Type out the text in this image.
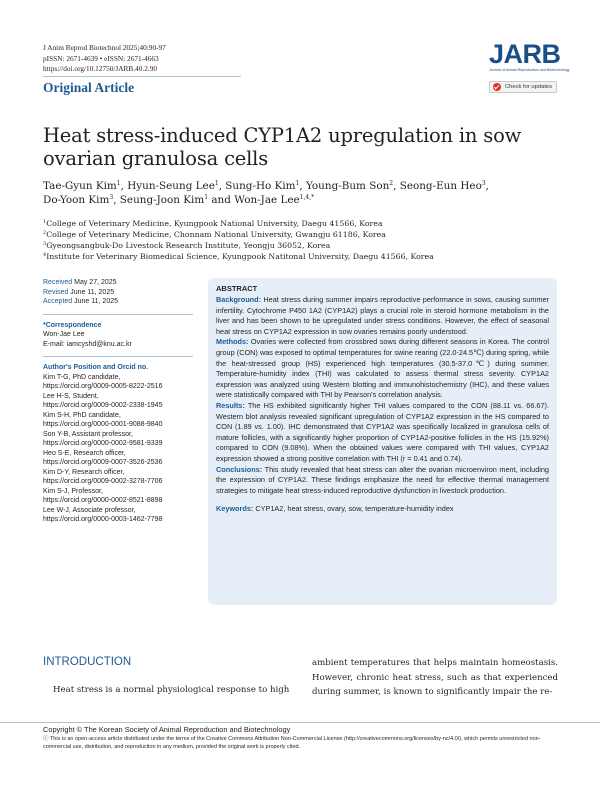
J Anim Reprod Biotechnol 2025;40:90-97
pISSN: 2671-4639 • eISSN: 2671-4663
https://doi.org/10.12750/JARB.40.2.90
Original Article
JARB
Journal of Animal Reproduction and Biotechnology
Check for updates
Heat stress-induced CYP1A2 upregulation in sow ovarian granulosa cells
Tae-Gyun Kim$^1$, Hyun-Seung Lee$^1$, Sung-Ho Kim$^1$, Young-Bum Son$^2$, Seong-Eun Heo$^3$,
Do-Yoon Kim$^3$, Seung-Joon Kim$^1$ and Won-Jae Lee$^{1,4,*}$
$^1$College of Veterinary Medicine, Kyungpook National University, Daegu 41566, Korea
$^2$College of Veterinary Medicine, Chonnam National University, Gwangju 61186, Korea
$^3$Gyeongsangbuk-Do Livestock Research Institute, Yeongju 36052, Korea
$^4$Institute for Veterinary Biomedical Science, Kyungpook Natitonal University, Daegu 41566, Korea
Received May 27, 2025
Revised June 11, 2025
Accepted June 11, 2025
*Correspondence
Won-Jae Lee
E-mail: iamcyshd@knu.ac.kr
Author's Position and Orcid no.
Kim T-G, PhD candidate,
https://orcid.org/0009-0005-8222-2516
Lee H-S, Student,
https://orcid.org/0009-0002-2338-1945
Kim S-H, PhD candidate,
https://orcid.org/0000-0001-9088-9840
Son Y-B, Assistant professor,
https://orcid.org/0000-0002-9581-9339
Heo S-E, Research officer,
https://orcid.org/0009-0007-3526-2536
Kim D-Y, Research officer,
https://orcid.org/0009-0002-3278-7706
Kim S-J, Professor,
https://orcid.org/0000-0002-8521-8898
Lee W-J, Associate professor,
https://orcid.org/0000-0003-1462-7798
ABSTRACT

Background: Heat stress during summer impairs reproductive performance in sows, causing summer infertility. Cytochrome P450 1A2 (CYP1A2) plays a crucial role in steroid hormone metabolism in the liver and has been shown to be upregulated under stress conditions. However, the effect of seasonal heat stress on CYP1A2 expression in sow ovaries remains poorly understood.

Methods: Ovaries were collected from crossbred sows during different seasons in Korea. The control group (CON) was exposed to optimal temperatures for swine rearing (22.0-24.5℃) during spring, while the heat-stressed group (HS) experienced high temperatures (30.5-37.0℃) during summer. Temperature-humidity index (THI) was calculated to assess thermal stress severity. CYP1A2 expression was analyzed using Western blotting and immunohistochemistry (IHC), and these values were statistically compared with THI by Pearson's correlation analysis.

Results: The HS exhibited significantly higher THI values compared to the CON (88.11 vs. 66.67). Western blot analysis revealed significant upregulation of CYP1A2 expression in the HS compared to CON (1.89 vs. 1.00). IHC demonstrated that CYP1A2 was specifically localized in granulosa cells of mature follicles, with a significantly higher proportion of CYP1A2-positive follicles in the HS (15.92%) compared to CON (9.08%). When the obtained values were compared with THI values, CYP1A2 expression showed a strong positive correlation with THI (r = 0.41 and 0.74).

Conclusions: This study revealed that heat stress can alter the ovarian microenviron ment, including the expression of CYP1A2. These findings emphasize the need for effective thermal management strategies to mitigate heat stress-induced reproductive dysfunction in livestock production.

Keywords: CYP1A2, heat stress, ovary, sow, temperature-humidity index

INTRODUCTION

Heat stress is a normal physiological response to high

ambient temperatures that helps maintain homeostasis. However, chronic heat stress, such as that experienced during summer, is known to significantly impair the re-

Copyright © The Korean Society of Animal Reproduction and Biotechnology
ⓒ This is an open-access article distributed under the terms of the Creative Commons Attribution Non-Commercial License (http://creativecommons.org/licenses/by-nc/4.0/), which permits unrestricted non-commercial use, distribution, and reproduction in any medium, provided the original work is properly cited.
